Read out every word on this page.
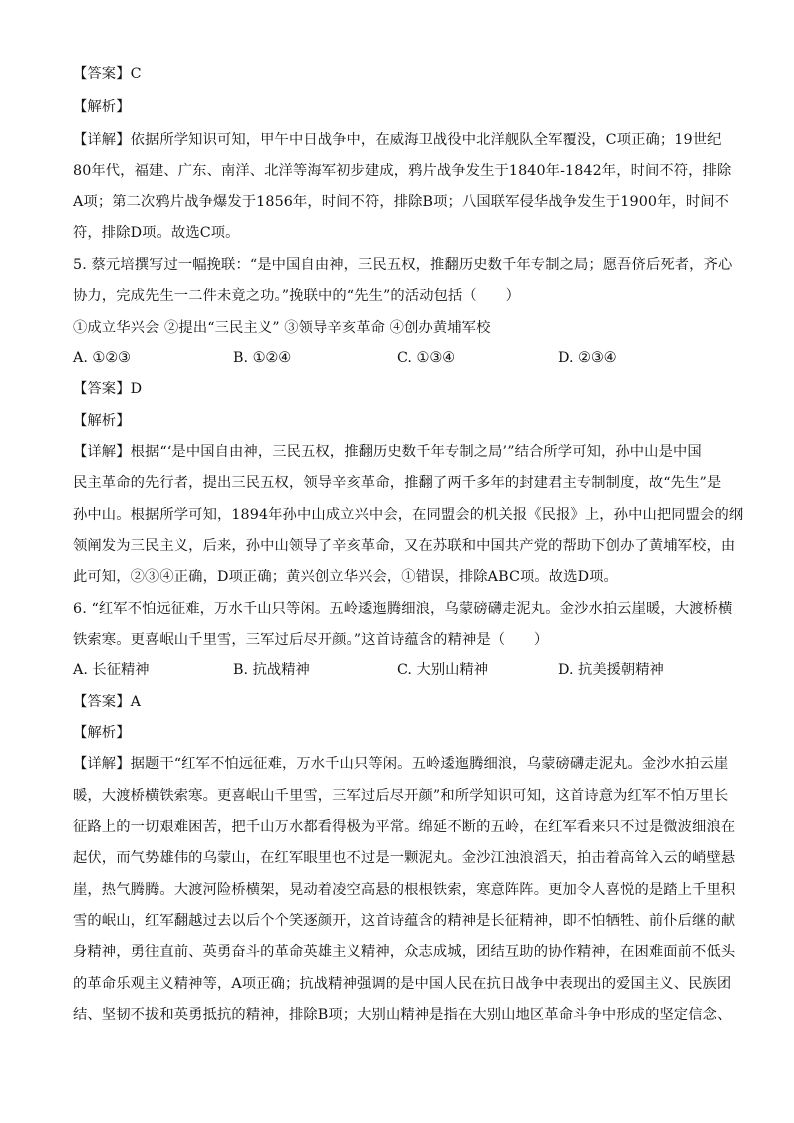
【答案】C
【解析】
【详解】依据所学知识可知，甲午中日战争中，在威海卫战役中北洋舰队全军覆没，C项正确；19世纪
80年代，福建、广东、南洋、北洋等海军初步建成，鸦片战争发生于1840年-1842年，时间不符，排除
A项；第二次鸦片战争爆发于1856年，时间不符，排除B项；八国联军侵华战争发生于1900年，时间不
符，排除D项。故选C项。
5. 蔡元培撰写过一幅挽联：“是中国自由神，三民五权，推翻历史数千年专制之局；愿吾侪后死者，齐心
协力，完成先生一二件未竟之功。”挽联中的“先生”的活动包括（　　）
①成立华兴会 ②提出“三民主义” ③领导辛亥革命 ④创办黄埔军校
A. ①②③	B. ①②④	C. ①③④	D. ②③④
【答案】D
【解析】
【详解】根据“‘是中国自由神，三民五权，推翻历史数千年专制之局’”结合所学可知，孙中山是中国
民主革命的先行者，提出三民五权，领导辛亥革命，推翻了两千多年的封建君主专制制度，故“先生”是
孙中山。根据所学可知，1894年孙中山成立兴中会，在同盟会的机关报《民报》上，孙中山把同盟会的纲
领阐发为三民主义，后来，孙中山领导了辛亥革命，又在苏联和中国共产党的帮助下创办了黄埔军校，由
此可知，②③④正确，D项正确；黄兴创立华兴会，①错误，排除ABC项。故选D项。
6. “红军不怕远征难，万水千山只等闲。五岭逶迤腾细浪，乌蒙磅礴走泥丸。金沙水拍云崖暖，大渡桥横
铁索寒。更喜岷山千里雪，三军过后尽开颜。”这首诗蕴含的精神是（　　）
A. 长征精神	B. 抗战精神	C. 大别山精神	D. 抗美援朝精神
【答案】A
【解析】
【详解】据题干“红军不怕远征难，万水千山只等闲。五岭逶迤腾细浪，乌蒙磅礴走泥丸。金沙水拍云崖
暖，大渡桥横铁索寒。更喜岷山千里雪，三军过后尽开颜”和所学知识可知，这首诗意为红军不怕万里长
征路上的一切艰难困苦，把千山万水都看得极为平常。绵延不断的五岭，在红军看来只不过是微波细浪在
起伏，而气势雄伟的乌蒙山，在红军眼里也不过是一颗泥丸。金沙江浊浪滔天，拍击着高耸入云的峭壁悬
崖，热气腾腾。大渡河险桥横架，晃动着凌空高悬的根根铁索，寒意阵阵。更加令人喜悦的是踏上千里积
雪的岷山，红军翻越过去以后个个笑逐颜开，这首诗蕴含的精神是长征精神，即不怕牺牲、前仆后继的献
身精神，勇往直前、英勇奋斗的革命英雄主义精神，众志成城，团结互助的协作精神，在困难面前不低头
的革命乐观主义精神等，A项正确；抗战精神强调的是中国人民在抗日战争中表现出的爱国主义、民族团
结、坚韧不拔和英勇抵抗的精神，排除B项；大别山精神是指在大别山地区革命斗争中形成的坚定信念、
